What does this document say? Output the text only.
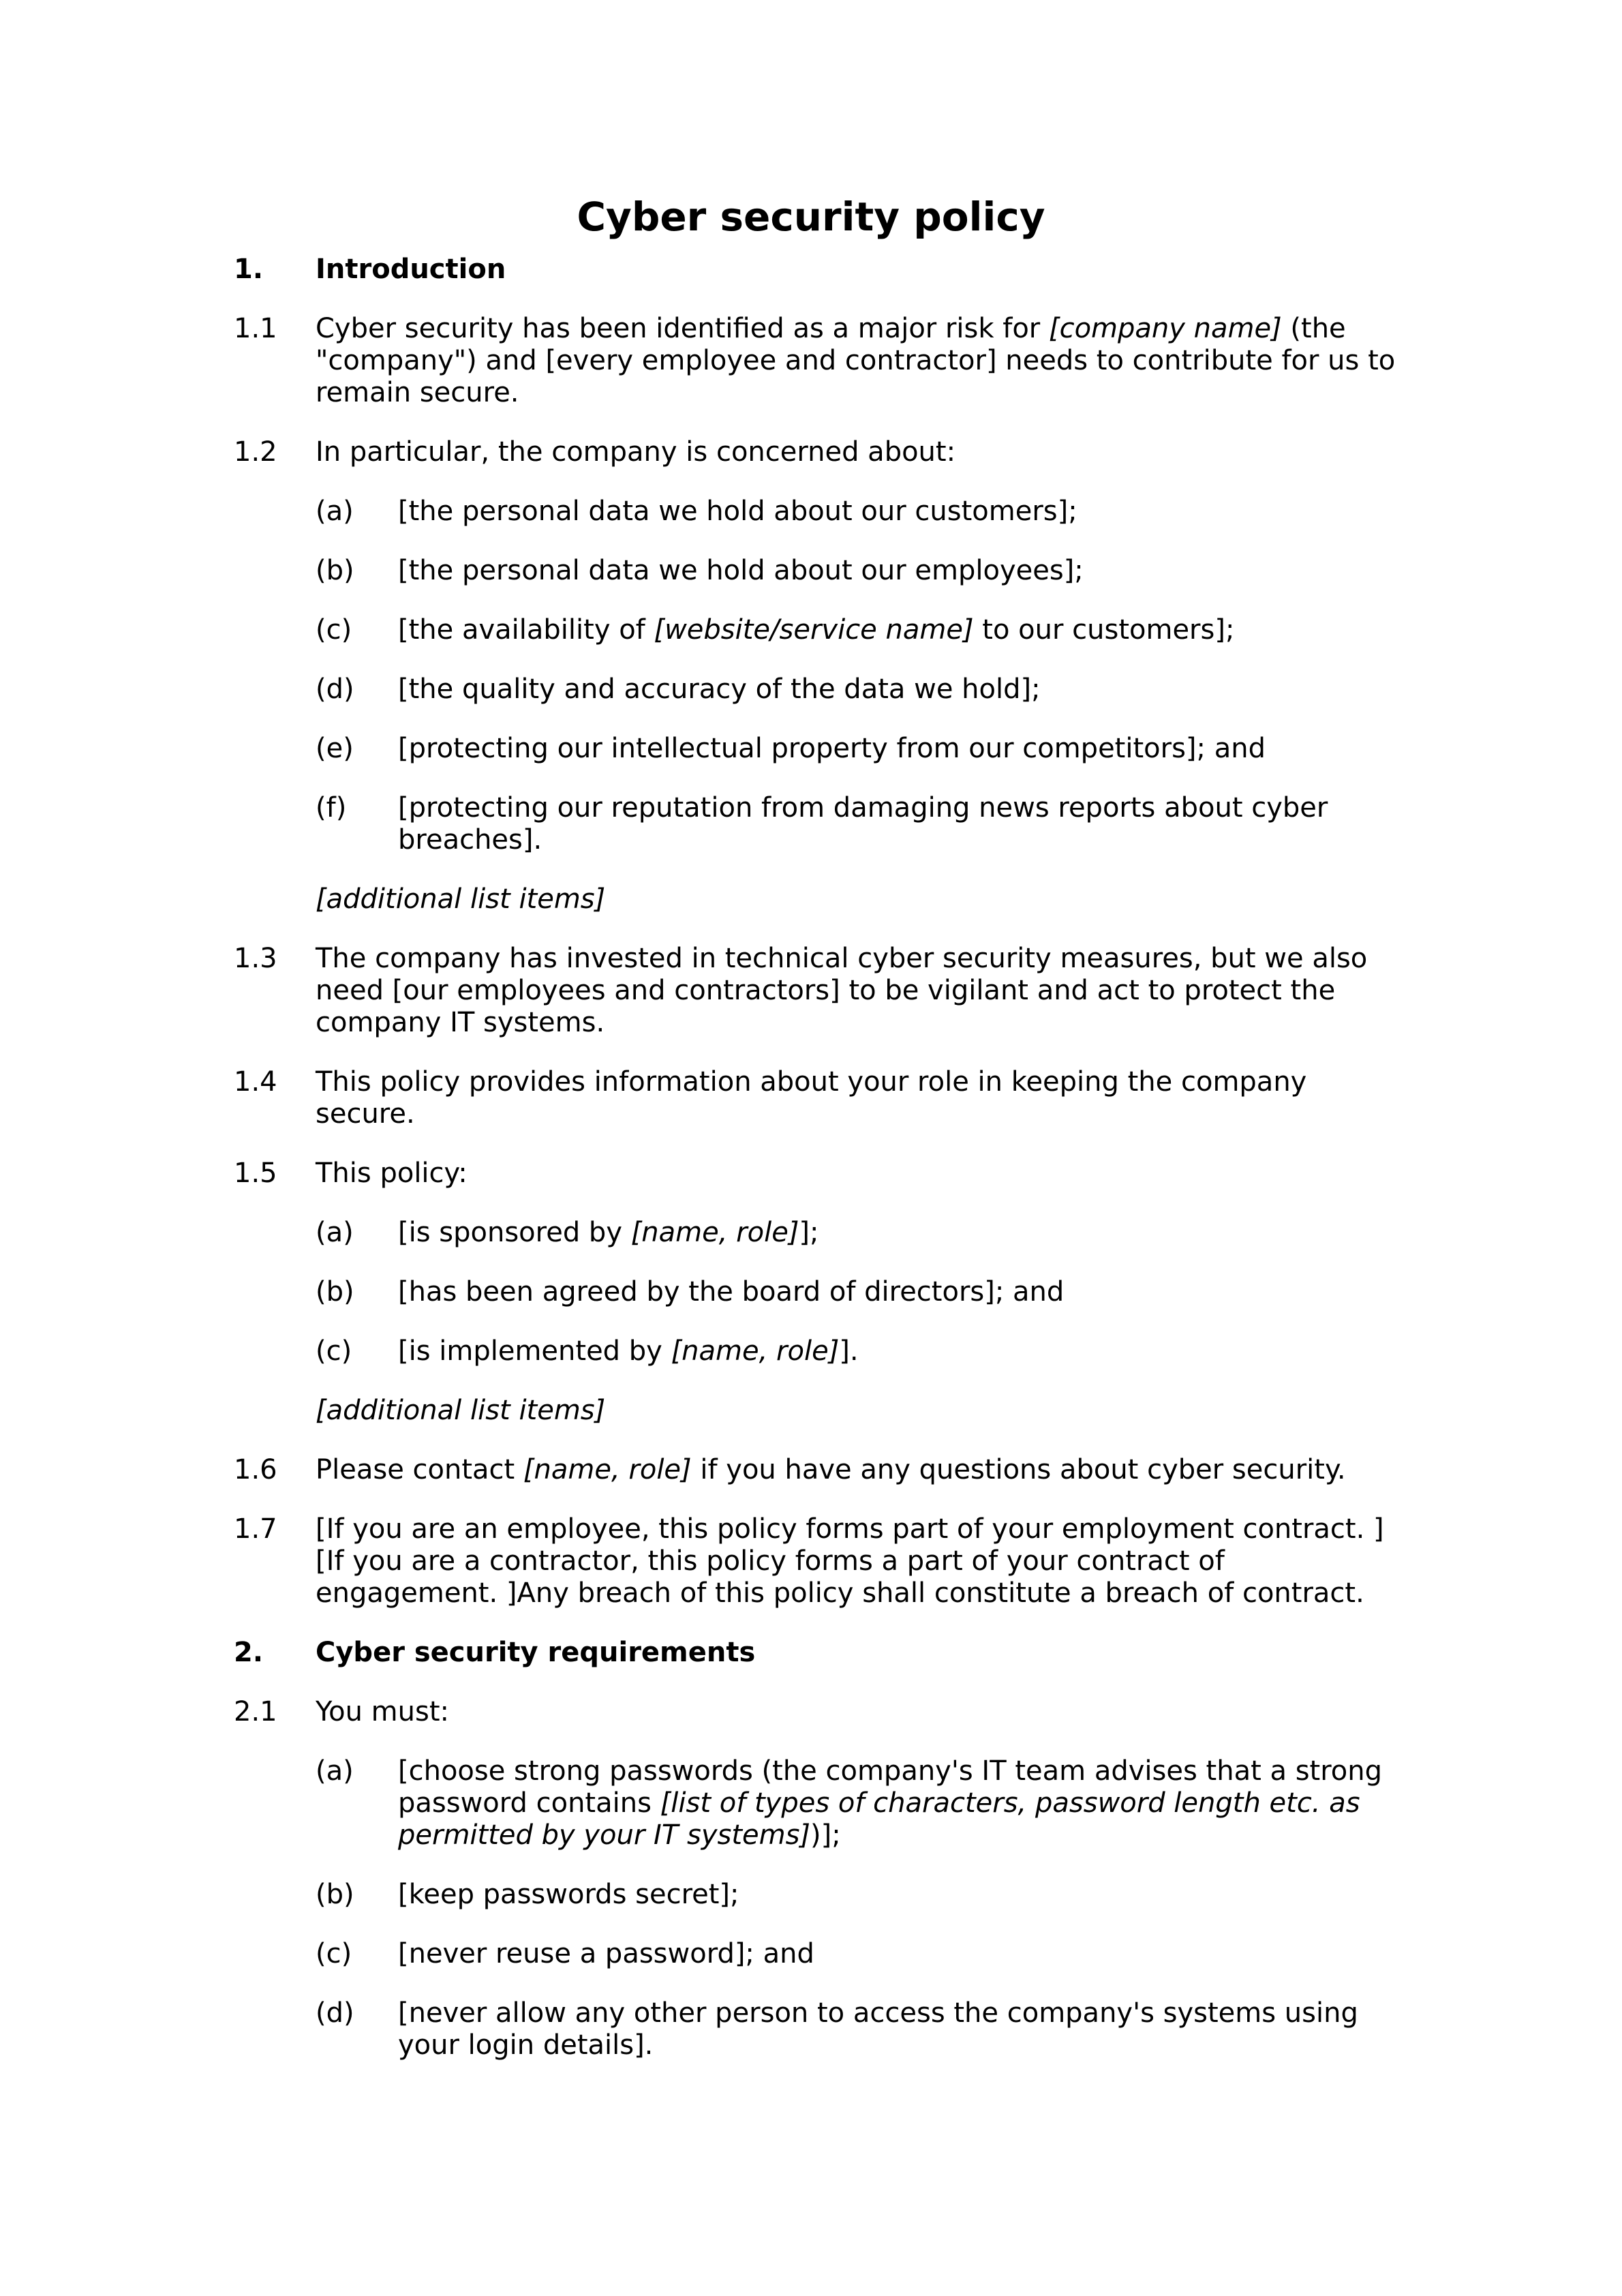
Cyber security policy
1. Introduction
1.1 Cyber security has been identified as a major risk for [company name] (the "company") and [every employee and contractor] needs to contribute for us to remain secure.
1.2 In particular, the company is concerned about:
(a) [the personal data we hold about our customers];
(b) [the personal data we hold about our employees];
(c) [the availability of [website/service name] to our customers];
(d) [the quality and accuracy of the data we hold];
(e) [protecting our intellectual property from our competitors]; and
(f) [protecting our reputation from damaging news reports about cyber breaches].
[additional list items]
1.3 The company has invested in technical cyber security measures, but we also need [our employees and contractors] to be vigilant and act to protect the company IT systems.
1.4 This policy provides information about your role in keeping the company secure.
1.5 This policy:
(a) [is sponsored by [name, role]];
(b) [has been agreed by the board of directors]; and
(c) [is implemented by [name, role]].
[additional list items]
1.6 Please contact [name, role] if you have any questions about cyber security.
1.7 [If you are an employee, this policy forms part of your employment contract. ][If you are a contractor, this policy forms a part of your contract of engagement. ]Any breach of this policy shall constitute a breach of contract.
2. Cyber security requirements
2.1 You must:
(a) [choose strong passwords (the company's IT team advises that a strong password contains [list of types of characters, password length etc. as permitted by your IT systems])];
(b) [keep passwords secret];
(c) [never reuse a password]; and
(d) [never allow any other person to access the company's systems using your login details].
